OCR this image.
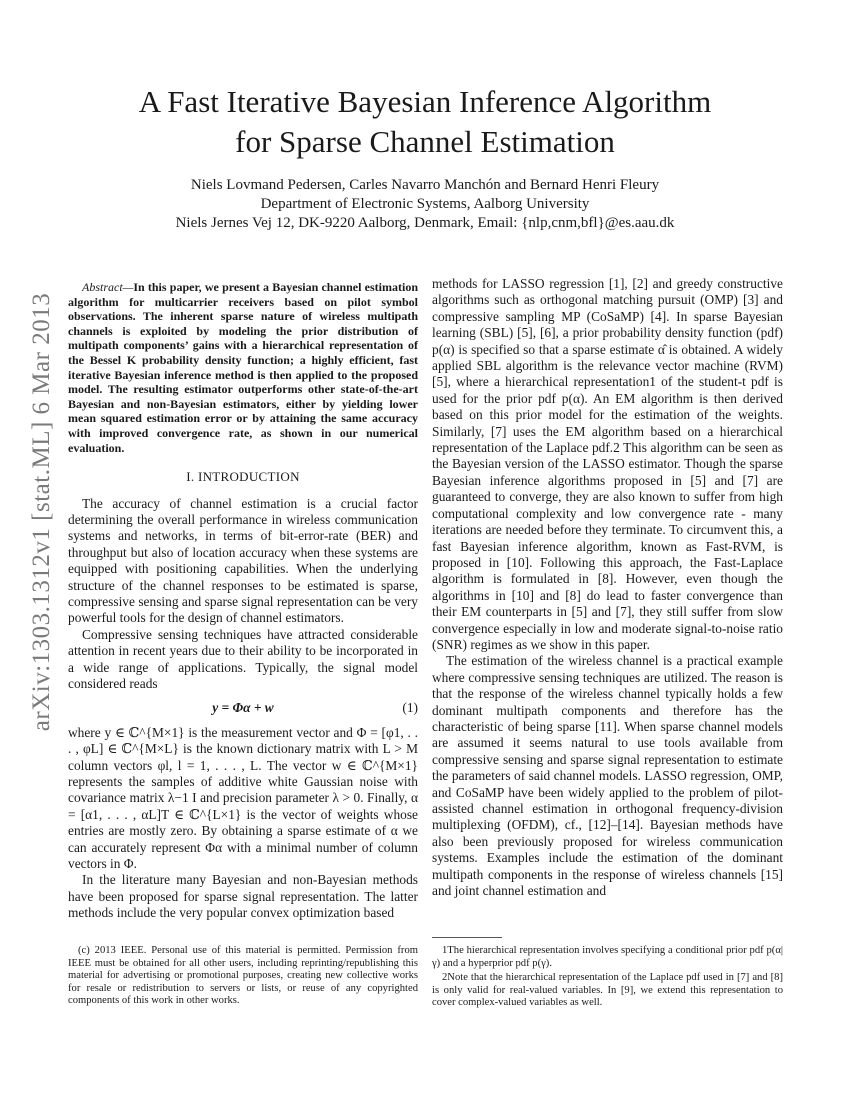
arXiv:1303.1312v1 [stat.ML] 6 Mar 2013
A Fast Iterative Bayesian Inference Algorithm
for Sparse Channel Estimation
Niels Lovmand Pedersen, Carles Navarro Manchón and Bernard Henri Fleury
Department of Electronic Systems, Aalborg University
Niels Jernes Vej 12, DK-9220 Aalborg, Denmark, Email: {nlp,cnm,bfl}@es.aau.dk

Abstract—In this paper, we present a Bayesian channel estimation algorithm for multicarrier receivers based on pilot symbol observations. The inherent sparse nature of wireless multipath channels is exploited by modeling the prior distribution of multipath components’ gains with a hierarchical representation of the Bessel K probability density function; a highly efficient, fast iterative Bayesian inference method is then applied to the proposed model. The resulting estimator outperforms other state-of-the-art Bayesian and non-Bayesian estimators, either by yielding lower mean squared estimation error or by attaining the same accuracy with improved convergence rate, as shown in our numerical evaluation.

I. INTRODUCTION

The accuracy of channel estimation is a crucial factor determining the overall performance in wireless communication systems and networks, in terms of bit-error-rate (BER) and throughput but also of location accuracy when these systems are equipped with positioning capabilities. When the underlying structure of the channel responses to be estimated is sparse, compressive sensing and sparse signal representation can be very powerful tools for the design of channel estimators.

Compressive sensing techniques have attracted considerable attention in recent years due to their ability to be incorporated in a wide range of applications. Typically, the signal model considered reads

y = Φα + w	(1)

where y ∈ ℂ^{M×1} is the measurement vector and Φ = [φ1, . . . , φL] ∈ ℂ^{M×L} is the known dictionary matrix with L > M column vectors φl, l = 1, . . . , L. The vector w ∈ ℂ^{M×1} represents the samples of additive white Gaussian noise with covariance matrix λ−1 I and precision parameter λ > 0. Finally, α = [α1, . . . , αL]T ∈ ℂ^{L×1} is the vector of weights whose entries are mostly zero. By obtaining a sparse estimate of α we can accurately represent Φα with a minimal number of column vectors in Φ.

In the literature many Bayesian and non-Bayesian methods have been proposed for sparse signal representation. The latter methods include the very popular convex optimization based

methods for LASSO regression [1], [2] and greedy constructive algorithms such as orthogonal matching pursuit (OMP) [3] and compressive sampling MP (CoSaMP) [4]. In sparse Bayesian learning (SBL) [5], [6], a prior probability density function (pdf) p(α) is specified so that a sparse estimate α̂ is obtained. A widely applied SBL algorithm is the relevance vector machine (RVM) [5], where a hierarchical representation1 of the student-t pdf is used for the prior pdf p(α). An EM algorithm is then derived based on this prior model for the estimation of the weights. Similarly, [7] uses the EM algorithm based on a hierarchical representation of the Laplace pdf.2 This algorithm can be seen as the Bayesian version of the LASSO estimator. Though the sparse Bayesian inference algorithms proposed in [5] and [7] are guaranteed to converge, they are also known to suffer from high computational complexity and low convergence rate - many iterations are needed before they terminate. To circumvent this, a fast Bayesian inference algorithm, known as Fast-RVM, is proposed in [10]. Following this approach, the Fast-Laplace algorithm is formulated in [8]. However, even though the algorithms in [10] and [8] do lead to faster convergence than their EM counterparts in [5] and [7], they still suffer from slow convergence especially in low and moderate signal-to-noise ratio (SNR) regimes as we show in this paper.

The estimation of the wireless channel is a practical example where compressive sensing techniques are utilized. The reason is that the response of the wireless channel typically holds a few dominant multipath components and therefore has the characteristic of being sparse [11]. When sparse channel models are assumed it seems natural to use tools available from compressive sensing and sparse signal representation to estimate the parameters of said channel models. LASSO regression, OMP, and CoSaMP have been widely applied to the problem of pilot-assisted channel estimation in orthogonal frequency-division multiplexing (OFDM), cf., [12]–[14]. Bayesian methods have also been previously proposed for wireless communication systems. Examples include the estimation of the dominant multipath components in the response of wireless channels [15] and joint channel estimation and

(c) 2013 IEEE. Personal use of this material is permitted. Permission from IEEE must be obtained for all other users, including reprinting/republishing this material for advertising or promotional purposes, creating new collective works for resale or redistribution to servers or lists, or reuse of any copyrighted components of this work in other works.

1The hierarchical representation involves specifying a conditional prior pdf p(α|γ) and a hyperprior pdf p(γ).

2Note that the hierarchical representation of the Laplace pdf used in [7] and [8] is only valid for real-valued variables. In [9], we extend this representation to cover complex-valued variables as well.
